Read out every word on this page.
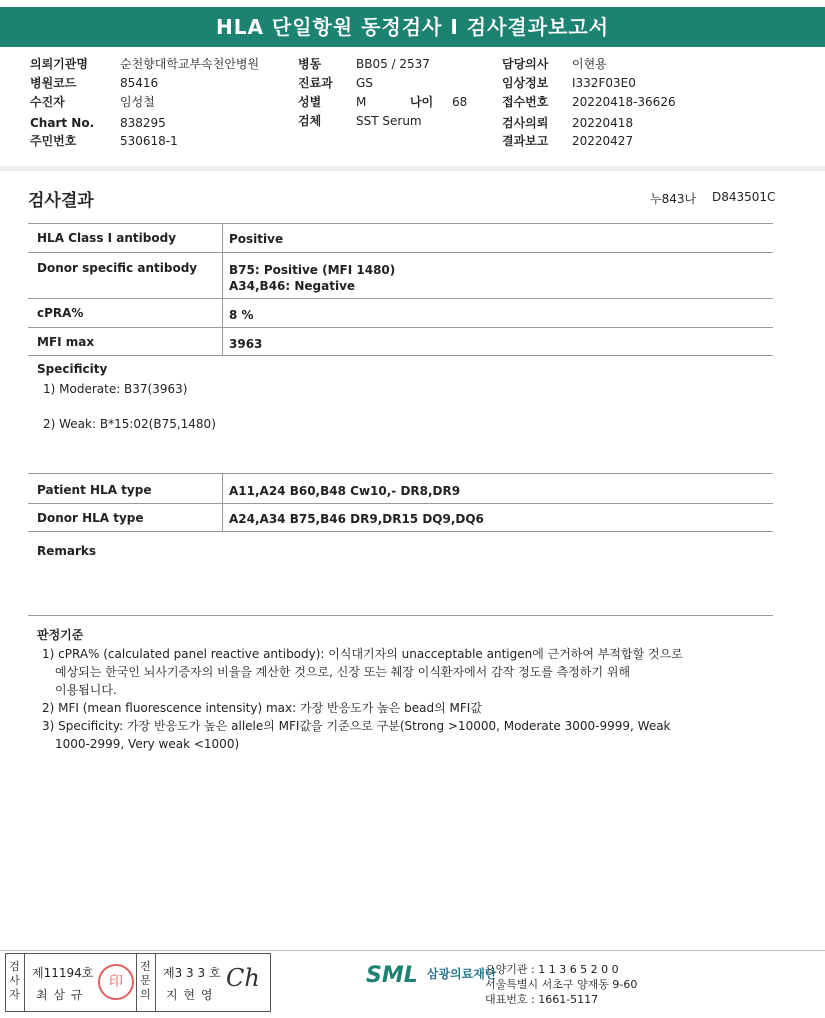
HLA 단일항원 동정검사 I 검사결과보고서
의뢰기관명	순천향대학교부속천안병원
병원코드	85416
수진자	임성철
Chart No. 838295
주민번호	530618-1
병동	BB05 / 2537
진료과 GS
성별	M	나이 68
검체	SST Serum
담당의사 이현용
임상정보 I332F03E0
접수번호 20220418-36626
검사의뢰 20220418
결과보고 20220427
검사결과	누843나 D843501C
HLA Class I antibody	Positive
Donor specific antibody	B75: Positive (MFI 1480)
A34,B46: Negative
cPRA%	8 %
MFI max	3963
Specificity
1) Moderate: B37(3963)
2) Weak: B*15:02(B75,1480)
Patient HLA type	A11,A24 B60,B48 Cw10,- DR8,DR9
Donor HLA type	A24,A34 B75,B46 DR9,DR15 DQ9,DQ6
Remarks
판정기준
1) cPRA% (calculated panel reactive antibody): 이식대기자의 unacceptable antigen에 근거하여 부적합할 것으로
예상되는 한국인 뇌사기증자의 비율을 계산한 것으로, 신장 또는 췌장 이식환자에서 감작 정도를 측정하기 위해
이용됩니다.
2) MFI (mean fluorescence intensity) max: 가장 반응도가 높은 bead의 MFI값
3) Specificity: 가장 반응도가 높은 allele의 MFI값을 기준으로 구분(Strong >10000, Moderate 3000-9999, Weak
1000-2999, Very weak <1000)
검사자
제11194호
최 삼 규
印
전문의
제3 3 3 호
지 현 영
Ch	SML $^{삼광의료재단}$
요양기관 : 1 1 3 6 5 2 0 0
서울특별시 서초구 양재동 9-60
대표번호 : 1661-5117
